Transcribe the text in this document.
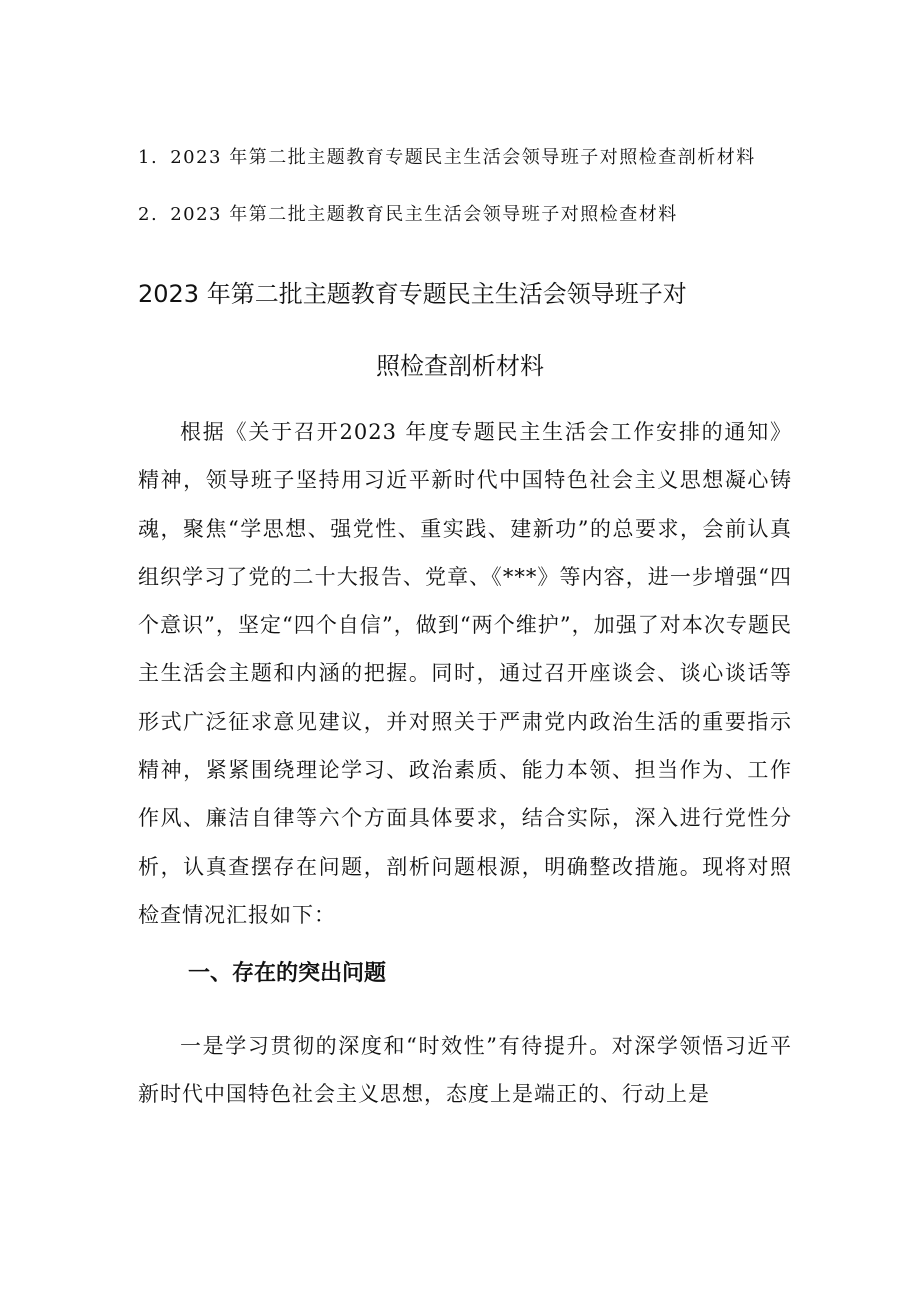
1. 2023 年第二批主题教育专题民主生活会领导班子对照检查剖析材料
2. 2023 年第二批主题教育民主生活会领导班子对照检查材料
2023 年第二批主题教育专题民主生活会领导班子对
照检查剖析材料

根据《关于召开2023 年度专题民主生活会工作安排的通知》精神，领导班子坚持用习近平新时代中国特色社会主义思想凝心铸魂，聚焦“学思想、强党性、重实践、建新功”的总要求，会前认真组织学习了党的二十大报告、党章、《***》等内容，进一步增强“四个意识”，坚定“四个自信”，做到“两个维护”，加强了对本次专题民主生活会主题和内涵的把握。同时，通过召开座谈会、谈心谈话等形式广泛征求意见建议，并对照关于严肃党内政治生活的重要指示精神，紧紧围绕理论学习、政治素质、能力本领、担当作为、工作作风、廉洁自律等六个方面具体要求，结合实际，深入进行党性分析，认真查摆存在问题，剖析问题根源，明确整改措施。现将对照检查情况汇报如下：

一、存在的突出问题

一是学习贯彻的深度和“时效性”有待提升。对深学领悟习近平新时代中国特色社会主义思想，态度上是端正的、行动上是
